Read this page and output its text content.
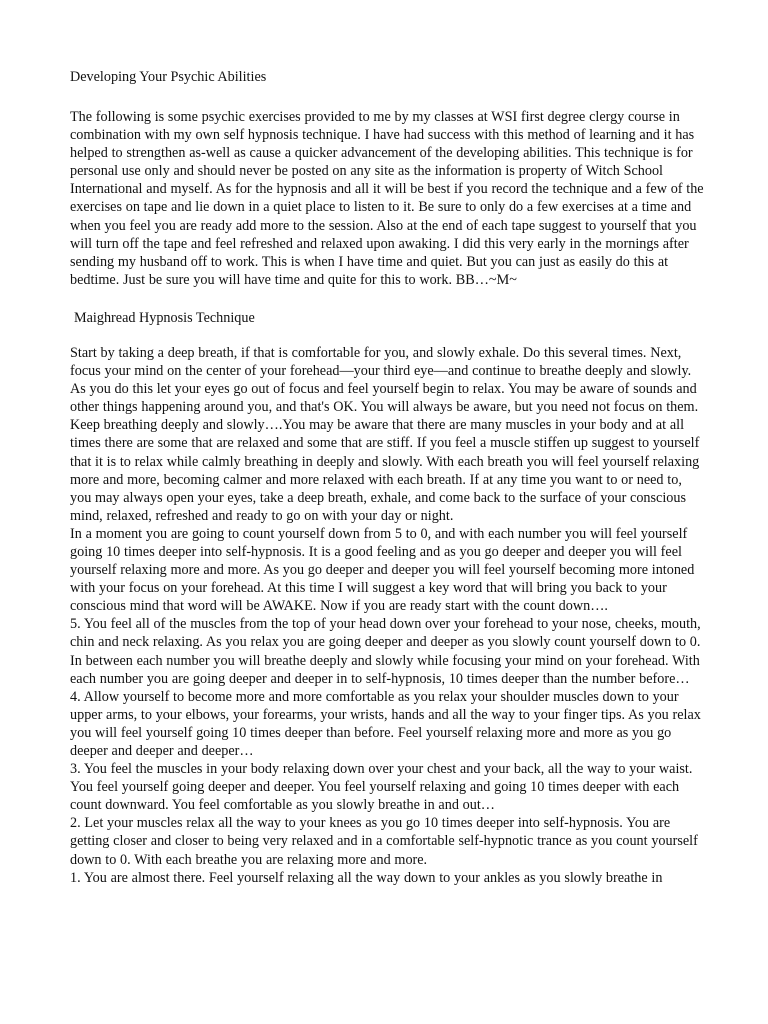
Developing Your Psychic Abilities

The following is some psychic exercises provided to me by my classes at WSI first degree clergy course in combination with my own self hypnosis technique. I have had success with this method of learning and it has helped to strengthen as-well as cause a quicker advancement of the developing abilities. This technique is for personal use only and should never be posted on any site as the information is property of Witch School International and myself. As for the hypnosis and all it will be best if you record the technique and a few of the exercises on tape and lie down in a quiet place to listen to it. Be sure to only do a few exercises at a time and when you feel you are ready add more to the session. Also at the end of each tape suggest to yourself that you will turn off the tape and feel refreshed and relaxed upon awaking. I did this very early in the mornings after sending my husband off to work. This is when I have time and quiet. But you can just as easily do this at bedtime. Just be sure you will have time and quite for this to work. BB…~M~

Maighread Hypnosis Technique

Start by taking a deep breath, if that is comfortable for you, and slowly exhale. Do this several times. Next, focus your mind on the center of your forehead—your third eye—and continue to breathe deeply and slowly. As you do this let your eyes go out of focus and feel yourself begin to relax. You may be aware of sounds and other things happening around you, and that's OK. You will always be aware, but you need not focus on them. Keep breathing deeply and slowly….You may be aware that there are many muscles in your body and at all times there are some that are relaxed and some that are stiff. If you feel a muscle stiffen up suggest to yourself that it is to relax while calmly breathing in deeply and slowly. With each breath you will feel yourself relaxing more and more, becoming calmer and more relaxed with each breath. If at any time you want to or need to, you may always open your eyes, take a deep breath, exhale, and come back to the surface of your conscious mind, relaxed, refreshed and ready to go on with your day or night.

In a moment you are going to count yourself down from 5 to 0, and with each number you will feel yourself going 10 times deeper into self-hypnosis. It is a good feeling and as you go deeper and deeper you will feel yourself relaxing more and more. As you go deeper and deeper you will feel yourself becoming more intoned with your focus on your forehead. At this time I will suggest a key word that will bring you back to your conscious mind that word will be AWAKE. Now if you are ready start with the count down….

5. You feel all of the muscles from the top of your head down over your forehead to your nose, cheeks, mouth, chin and neck relaxing. As you relax you are going deeper and deeper as you slowly count yourself down to 0. In between each number you will breathe deeply and slowly while focusing your mind on your forehead. With each number you are going deeper and deeper in to self-hypnosis, 10 times deeper than the number before…

4. Allow yourself to become more and more comfortable as you relax your shoulder muscles down to your upper arms, to your elbows, your forearms, your wrists, hands and all the way to your finger tips. As you relax you will feel yourself going 10 times deeper than before. Feel yourself relaxing more and more as you go deeper and deeper and deeper…

3. You feel the muscles in your body relaxing down over your chest and your back, all the way to your waist. You feel yourself going deeper and deeper. You feel yourself relaxing and going 10 times deeper with each count downward. You feel comfortable as you slowly breathe in and out…

2. Let your muscles relax all the way to your knees as you go 10 times deeper into self-hypnosis. You are getting closer and closer to being very relaxed and in a comfortable self-hypnotic trance as you count yourself down to 0. With each breathe you are relaxing more and more.

1. You are almost there. Feel yourself relaxing all the way down to your ankles as you slowly breathe in
